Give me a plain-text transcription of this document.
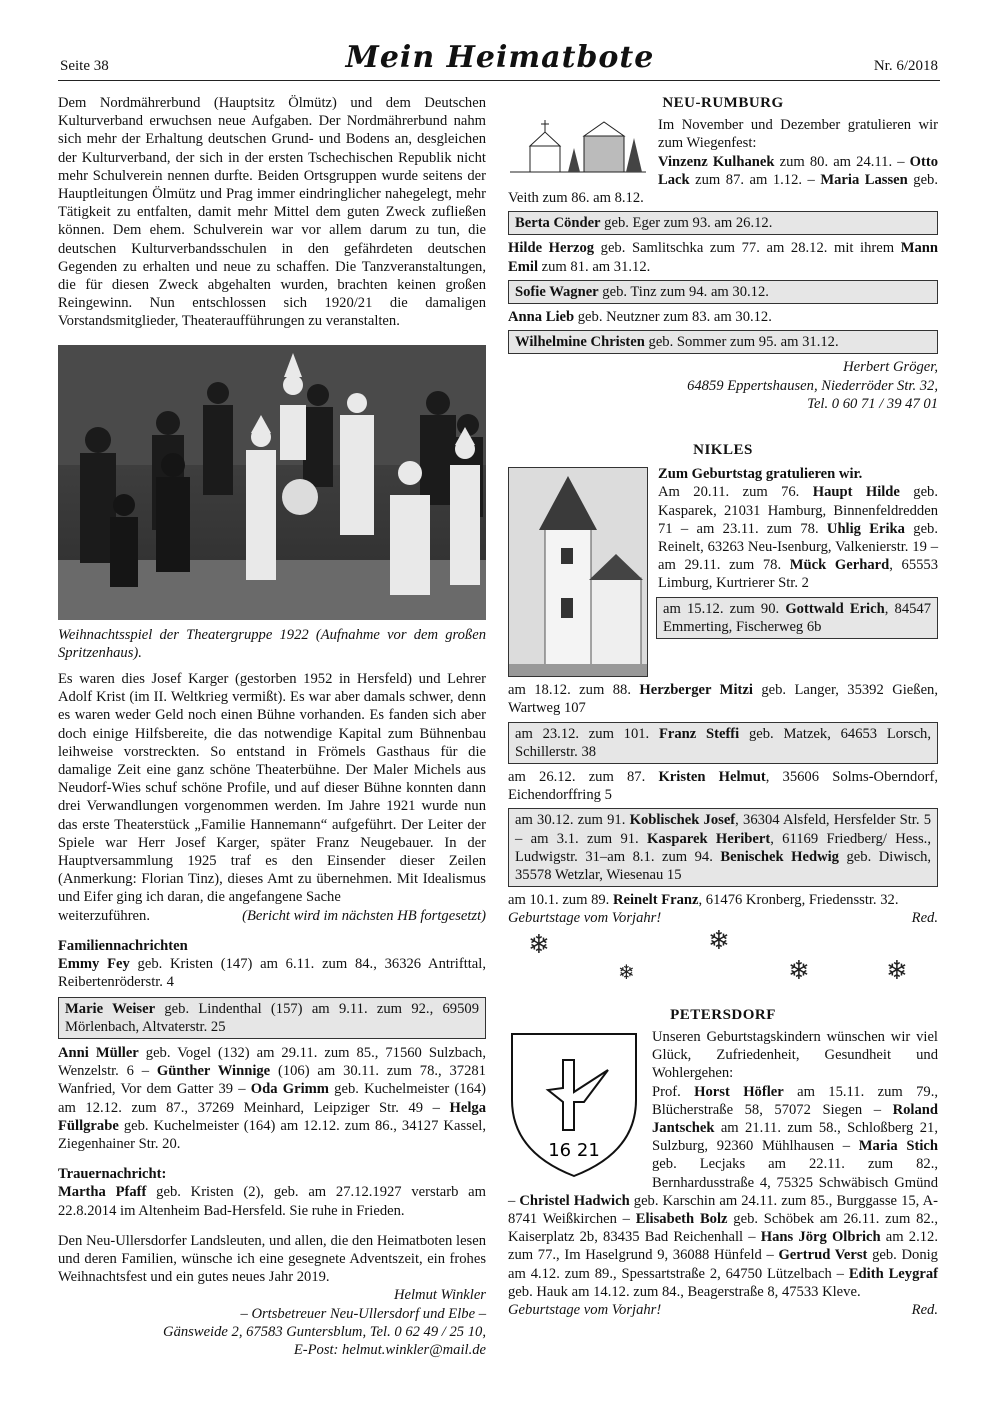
Seite 38	Mein Heimatbote	Nr. 6/2018

Dem Nordmährerbund (Hauptsitz Ölmütz) und dem Deutschen Kulturverband erwuchsen neue Aufgaben. Der Nordmährerbund nahm sich mehr der Erhaltung deutschen Grund- und Bodens an, desgleichen der Kulturverband, der sich in der ersten Tschechischen Republik nicht mehr Schulverein nennen durfte. Beiden Ortsgruppen wurde seitens der Hauptleitungen Ölmütz und Prag immer eindringlicher nahegelegt, mehr Tätigkeit zu entfalten, damit mehr Mittel dem guten Zweck zufließen können. Dem ehem. Schulverein war vor allem darum zu tun, die deutschen Kulturverbandsschulen in den gefährdeten deutschen Gegenden zu erhalten und neue zu schaffen. Die Tanzveranstaltungen, die für diesen Zweck abgehalten wurden, brachten keinen großen Reingewinn. Nun entschlossen sich 1920/21 die damaligen Vorstandsmitglieder, Theateraufführungen zu veranstalten.

Weihnachtsspiel der Theatergruppe 1922 (Aufnahme vor dem großen Spritzenhaus).

Es waren dies Josef Karger (gestorben 1952 in Hersfeld) und Lehrer Adolf Krist (im II. Weltkrieg vermißt). Es war aber damals schwer, denn es waren weder Geld noch einen Bühne vorhanden. Es fanden sich aber doch einige Hilfsbereite, die das notwendige Kapital zum Bühnenbau leihweise vorstreckten. So entstand in Frömels Gasthaus für die damalige Zeit eine ganz schöne Theaterbühne. Der Maler Michels aus Neudorf-Wies schuf schöne Profile, und auf dieser Bühne konnten dann drei Verwandlungen vorgenommen werden. Im Jahre 1921 wurde nun das erste Theaterstück „Familie Hannemann“ aufgeführt. Der Leiter der Spiele war Herr Josef Karger, später Franz Neugebauer. In der Hauptversammlung 1925 traf es den Einsender dieser Zeilen (Anmerkung: Florian Tinz), dieses Amt zu übernehmen. Mit Idealismus und Eifer ging ich daran, die angefangene Sache

weiterzuführen.	(Bericht wird im nächsten HB fortgesetzt)

Familiennachrichten

Emmy Fey geb. Kristen (147) am 6.11. zum 84., 36326 Antrifttal, Reibertenröderstr. 4

Marie Weiser geb. Lindenthal (157) am 9.11. zum 92., 69509 Mörlenbach, Altvaterstr. 25

Anni Müller geb. Vogel (132) am 29.11. zum 85., 71560 Sulzbach, Wenzelstr. 6 – Günther Winnige (106) am 30.11. zum 78., 37281 Wanfried, Vor dem Gatter 39 – Oda Grimm geb. Kuchelmeister (164) am 12.12. zum 87., 37269 Meinhard, Leipziger Str. 49 – Helga Füllgrabe geb. Kuchelmeister (164) am 12.12. zum 86., 34127 Kassel, Ziegenhainer Str. 20.

Trauernachricht:

Martha Pfaff geb. Kristen (2), geb. am 27.12.1927 verstarb am 22.8.2014 im Altenheim Bad-Hersfeld. Sie ruhe in Frieden.

Den Neu-Ullersdorfer Landsleuten, und allen, die den Heimatboten lesen und deren Familien, wünsche ich eine gesegnete Adventszeit, ein frohes Weihnachtsfest und ein gutes neues Jahr 2019.

Helmut Winkler

– Ortsbetreuer Neu-Ullersdorf und Elbe –

Gänsweide 2, 67583 Guntersblum, Tel. 0 62 49 / 25 10,

E-Post: helmut.winkler@mail.de

NEU-RUMBURG

Im November und Dezember gratulieren wir zum Wiegenfest:

Vinzenz Kulhanek zum 80. am 24.11. – Otto Lack zum 87. am 1.12. – Maria Lassen geb. Veith zum 86. am 8.12.

Berta Cönder geb. Eger zum 93. am 26.12.

Hilde Herzog geb. Samlitschka zum 77. am 28.12. mit ihrem Mann Emil zum 81. am 31.12.

Sofie Wagner geb. Tinz zum 94. am 30.12.

Anna Lieb geb. Neutzner zum 83. am 30.12.

Wilhelmine Christen geb. Sommer zum 95. am 31.12.

Herbert Gröger,

64859 Eppertshausen, Niederröder Str. 32,

Tel. 0 60 71 / 39 47 01

NIKLES

Zum Geburtstag gratulieren wir.

Am 20.11. zum 76. Haupt Hilde geb. Kasparek, 21031 Hamburg, Binnenfeldredden 71 – am 23.11. zum 78. Uhlig Erika geb. Reinelt, 63263 Neu-Isenburg, Valkenierstr. 19 – am 29.11. zum 78. Mück Gerhard, 65553 Limburg, Kurtrierer Str. 2

am 15.12. zum 90. Gottwald Erich, 84547 Emmerting, Fischerweg 6b

am 18.12. zum 88. Herzberger Mitzi geb. Langer, 35392 Gießen, Wartweg 107

am 23.12. zum 101. Franz Steffi geb. Matzek, 64653 Lorsch, Schillerstr. 38

am 26.12. zum 87. Kristen Helmut, 35606 Solms-Oberndorf, Eichendorffring 5

am 30.12. zum 91. Koblischek Josef, 36304 Alsfeld, Hersfelder Str. 5 – am 3.1. zum 91. Kasparek Heribert, 61169 Friedberg/ Hess., Ludwigstr. 31–am 8.1. zum 94. Benischek Hedwig geb. Diwisch, 35578 Wetzlar, Wiesenau 15

am 10.1. zum 89. Reinelt Franz, 61476 Kronberg, Friedensstr. 32.

Geburtstage vom Vorjahr!	Red.

❄
❄
❄
❄	❄

PETERSDORF

16 21

Unseren Geburtstagskindern wünschen wir viel Glück, Zufriedenheit, Gesundheit und Wohlergehen:

Prof. Horst Höfler am 15.11. zum 79., Blücherstraße 58, 57072 Siegen – Roland Jantschek am 21.11. zum 58., Schloßberg 21, Sulzburg, 92360 Mühlhausen – Maria Stich geb. Lecjaks am 22.11. zum 82., Bernhardusstraße 4, 75325 Schwäbisch Gmünd – Christel Hadwich geb. Karschin am 24.11. zum 85., Burggasse 15, A-8741 Weißkirchen – Elisabeth Bolz geb. Schöbek am 26.11. zum 82., Kaiserplatz 2b, 83435 Bad Reichenhall – Hans Jörg Olbrich am 2.12. zum 77., Im Haselgrund 9, 36088 Hünfeld – Gertrud Verst geb. Donig am 4.12. zum 89., Spessartstraße 2, 64750 Lützelbach – Edith Leygraf geb. Hauk am 14.12. zum 84., Beagerstraße 8, 47533 Kleve.

Geburtstage vom Vorjahr!	Red.
